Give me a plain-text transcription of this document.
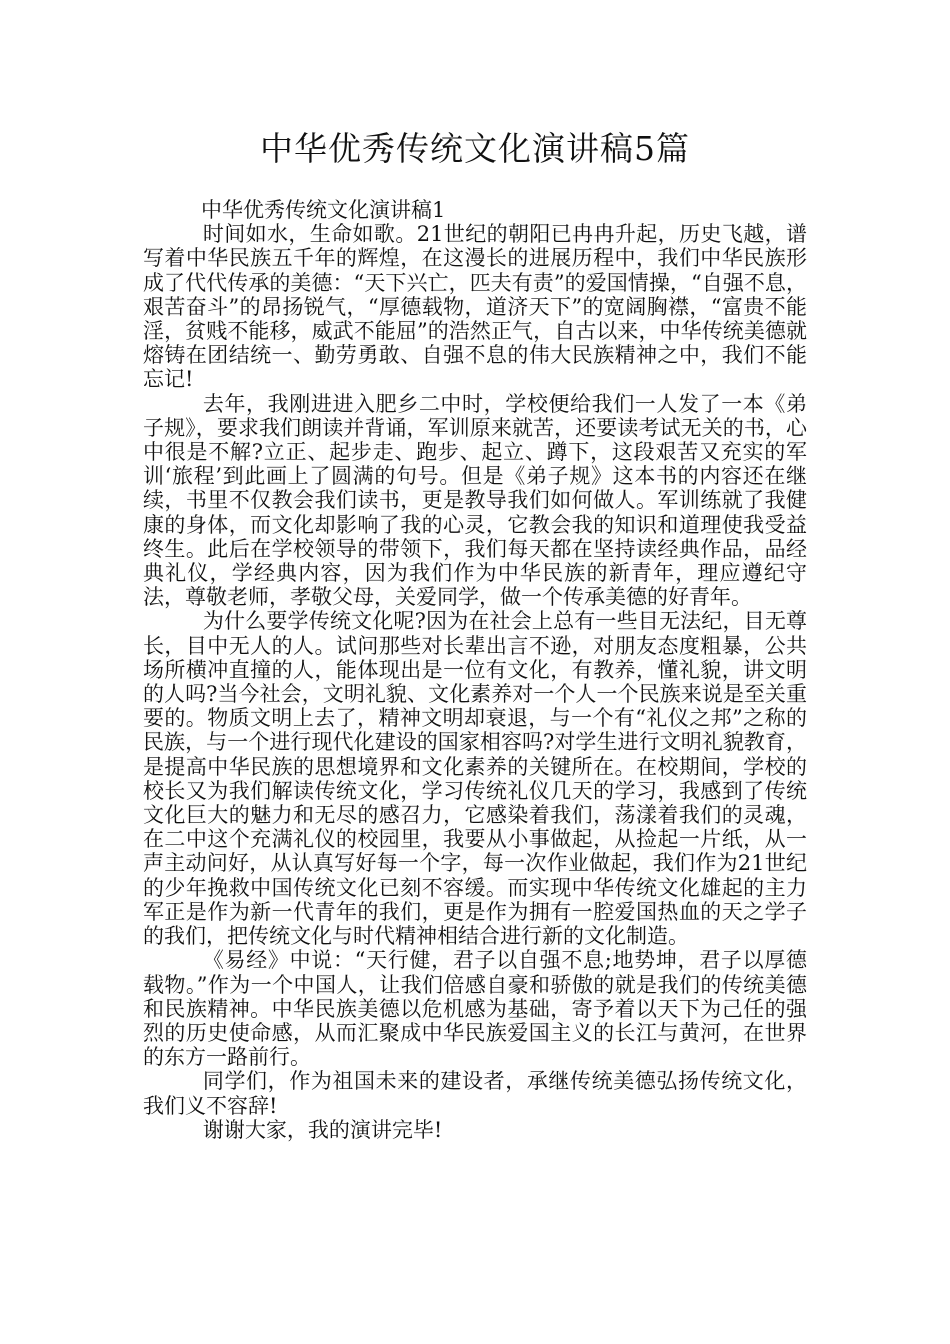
中华优秀传统文化演讲稿5篇
中华优秀传统文化演讲稿1

时间如水，生命如歌。21世纪的朝阳已冉冉升起，历史飞越，谱写着中华民族五千年的辉煌，在这漫长的进展历程中，我们中华民族形成了代代传承的美德：“天下兴亡，匹夫有责”的爱国情操，“自强不息，艰苦奋斗”的昂扬锐气，“厚德载物，道济天下”的宽阔胸襟，“富贵不能淫，贫贱不能移，威武不能屈”的浩然正气，自古以来，中华传统美德就熔铸在团结统一、勤劳勇敢、自强不息的伟大民族精神之中，我们不能忘记!

去年，我刚进进入肥乡二中时，学校便给我们一人发了一本《弟子规》，要求我们朗读并背诵，军训原来就苦，还要读考试无关的书，心中很是不解?立正、起步走、跑步、起立、蹲下，这段艰苦又充实的军训‘旅程’到此画上了圆满的句号。但是《弟子规》这本书的内容还在继续，书里不仅教会我们读书，更是教导我们如何做人。军训练就了我健康的身体，而文化却影响了我的心灵，它教会我的知识和道理使我受益终生。此后在学校领导的带领下，我们每天都在坚持读经典作品，品经典礼仪，学经典内容，因为我们作为中华民族的新青年，理应遵纪守法，尊敬老师，孝敬父母，关爱同学，做一个传承美德的好青年。

为什么要学传统文化呢?因为在社会上总有一些目无法纪，目无尊长，目中无人的人。试问那些对长辈出言不逊，对朋友态度粗暴，公共场所横冲直撞的人，能体现出是一位有文化，有教养，懂礼貌，讲文明的人吗?当今社会，文明礼貌、文化素养对一个人一个民族来说是至关重要的。物质文明上去了，精神文明却衰退，与一个有“礼仪之邦”之称的民族，与一个进行现代化建设的国家相容吗?对学生进行文明礼貌教育，是提高中华民族的思想境界和文化素养的关键所在。在校期间，学校的校长又为我们解读传统文化，学习传统礼仪几天的学习，我感到了传统文化巨大的魅力和无尽的感召力，它感染着我们，荡漾着我们的灵魂，在二中这个充满礼仪的校园里，我要从小事做起，从捡起一片纸，从一声主动问好，从认真写好每一个字，每一次作业做起，我们作为21世纪的少年挽救中国传统文化已刻不容缓。而实现中华传统文化雄起的主力军正是作为新一代青年的我们，更是作为拥有一腔爱国热血的天之学子的我们，把传统文化与时代精神相结合进行新的文化制造。

《易经》中说：“天行健，君子以自强不息;地势坤，君子以厚德载物。”作为一个中国人，让我们倍感自豪和骄傲的就是我们的传统美德和民族精神。中华民族美德以危机感为基础，寄予着以天下为己任的强烈的历史使命感，从而汇聚成中华民族爱国主义的长江与黄河，在世界的东方一路前行。

同学们，作为祖国未来的建设者，承继传统美德弘扬传统文化，我们义不容辞!

谢谢大家，我的演讲完毕!
